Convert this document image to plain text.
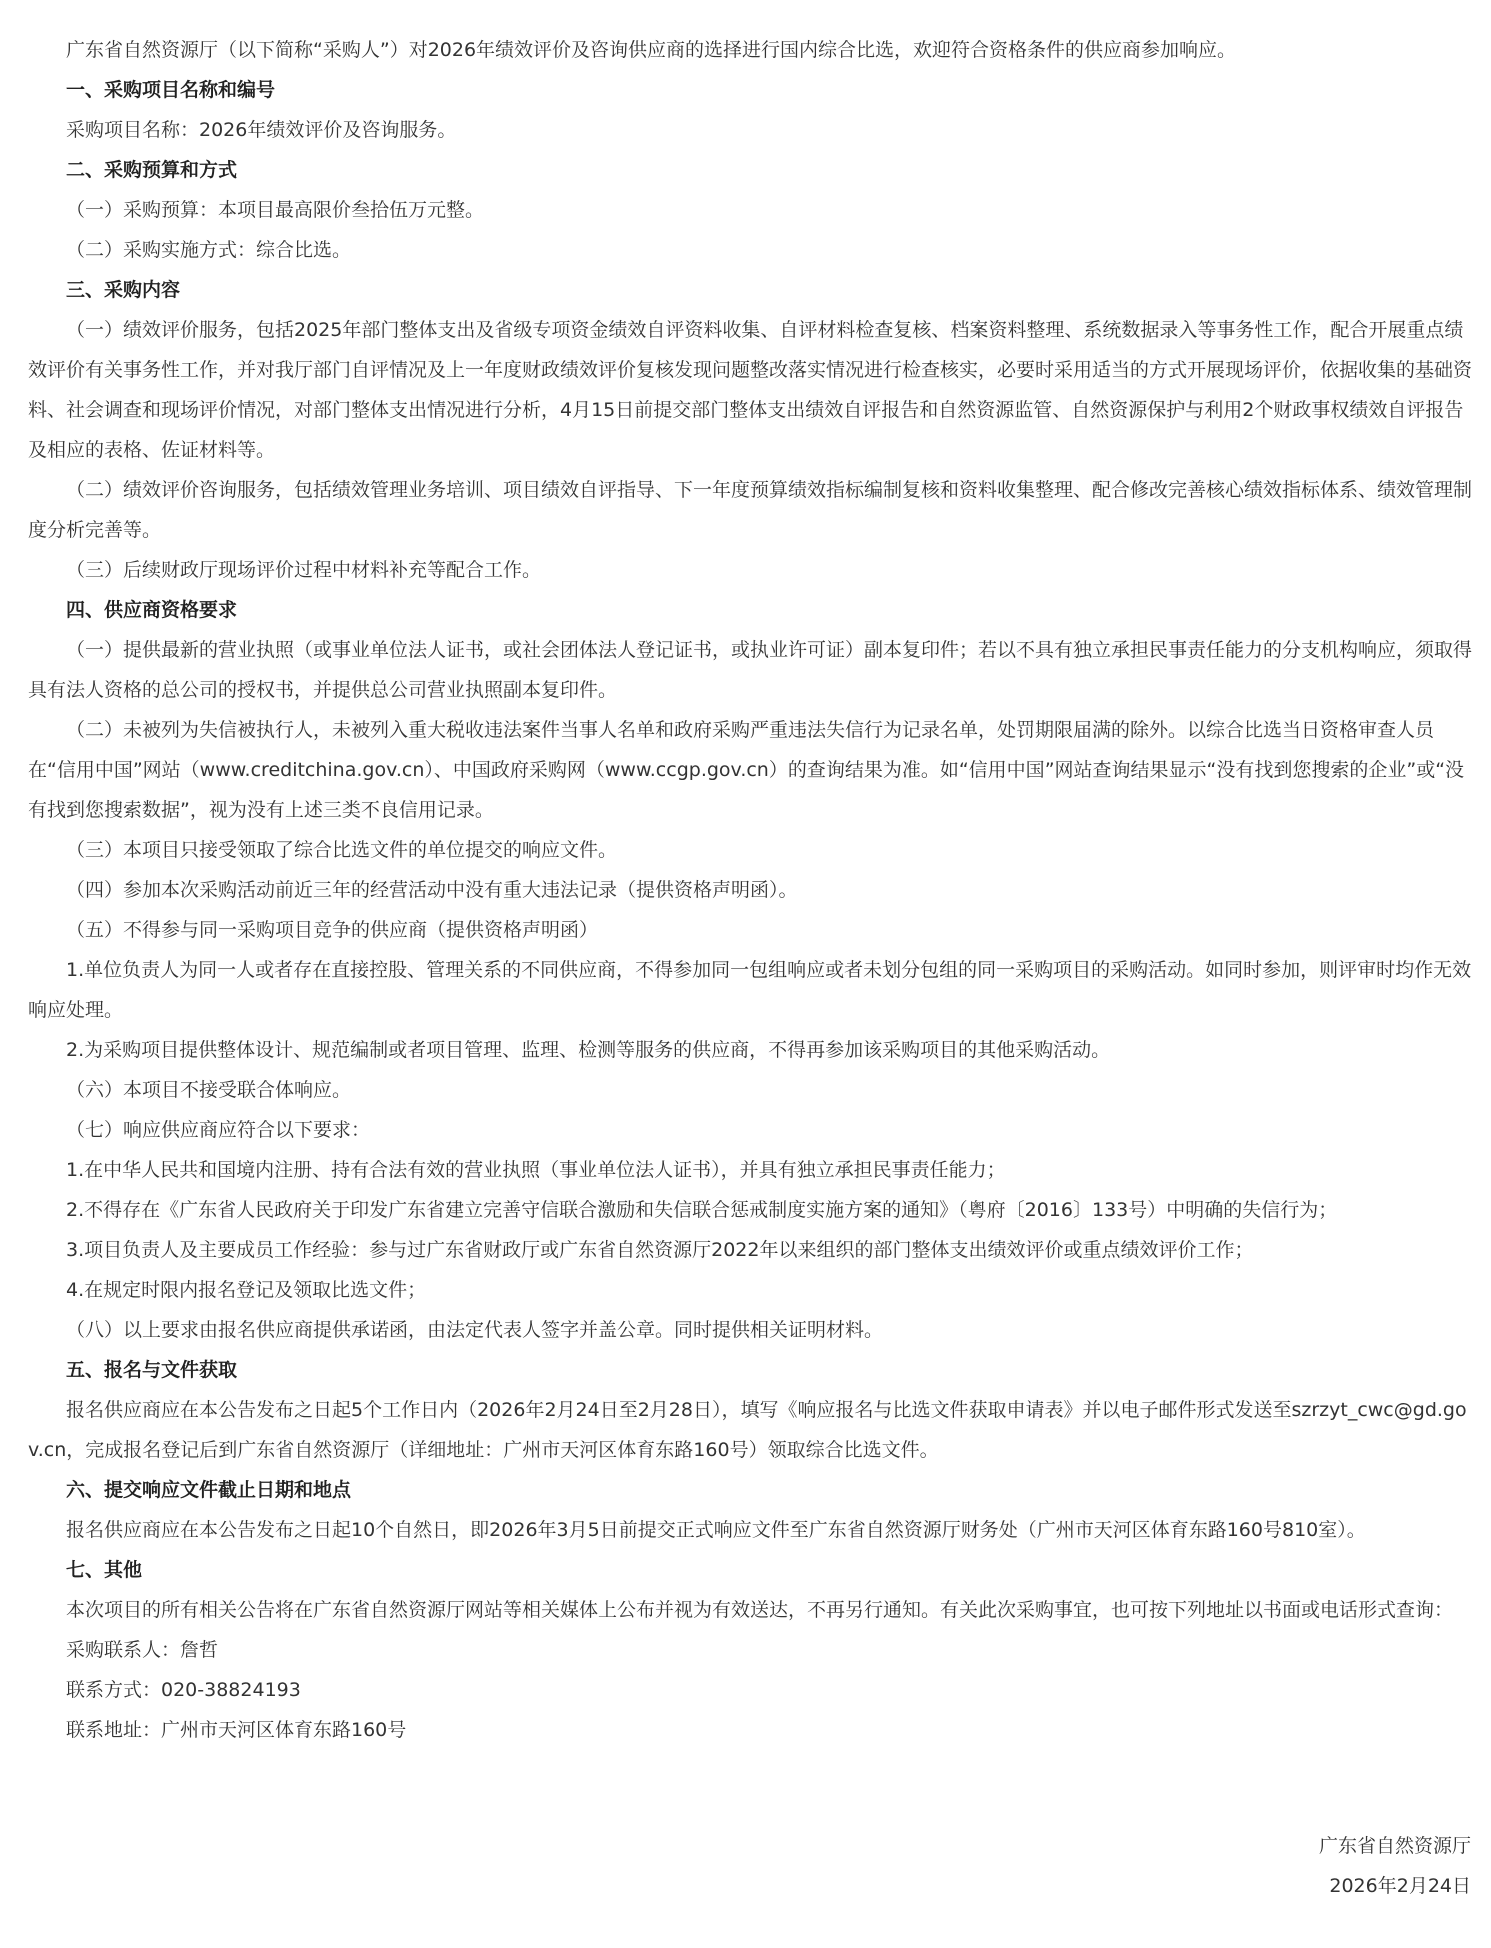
广东省自然资源厅（以下简称“采购人”）对2026年绩效评价及咨询供应商的选择进行国内综合比选，欢迎符合资格条件的供应商参加响应。

一、采购项目名称和编号

采购项目名称：2026年绩效评价及咨询服务。

二、采购预算和方式

（一）采购预算：本项目最高限价叁拾伍万元整。

（二）采购实施方式：综合比选。

三、采购内容

（一）绩效评价服务，包括2025年部门整体支出及省级专项资金绩效自评资料收集、自评材料检查复核、档案资料整理、系统数据录入等事务性工作，配合开展重点绩效评价有关事务性工作，并对我厅部门自评情况及上一年度财政绩效评价复核发现问题整改落实情况进行检查核实，必要时采用适当的方式开展现场评价，依据收集的基础资料、社会调查和现场评价情况，对部门整体支出情况进行分析，4月15日前提交部门整体支出绩效自评报告和自然资源监管、自然资源保护与利用2个财政事权绩效自评报告及相应的表格、佐证材料等。

（二）绩效评价咨询服务，包括绩效管理业务培训、项目绩效自评指导、下一年度预算绩效指标编制复核和资料收集整理、配合修改完善核心绩效指标体系、绩效管理制度分析完善等。

（三）后续财政厅现场评价过程中材料补充等配合工作。

四、供应商资格要求

（一）提供最新的营业执照（或事业单位法人证书，或社会团体法人登记证书，或执业许可证）副本复印件；若以不具有独立承担民事责任能力的分支机构响应，须取得具有法人资格的总公司的授权书，并提供总公司营业执照副本复印件。

（二）未被列为失信被执行人，未被列入重大税收违法案件当事人名单和政府采购严重违法失信行为记录名单，处罚期限届满的除外。以综合比选当日资格审查人员在“信用中国”网站（www.creditchina.gov.cn）、中国政府采购网（www.ccgp.gov.cn）的查询结果为准。如“信用中国”网站查询结果显示“没有找到您搜索的企业”或“没有找到您搜索数据”，视为没有上述三类不良信用记录。

（三）本项目只接受领取了综合比选文件的单位提交的响应文件。

（四）参加本次采购活动前近三年的经营活动中没有重大违法记录（提供资格声明函）。

（五）不得参与同一采购项目竞争的供应商（提供资格声明函）

1.单位负责人为同一人或者存在直接控股、管理关系的不同供应商，不得参加同一包组响应或者未划分包组的同一采购项目的采购活动。如同时参加，则评审时均作无效响应处理。

2.为采购项目提供整体设计、规范编制或者项目管理、监理、检测等服务的供应商，不得再参加该采购项目的其他采购活动。

（六）本项目不接受联合体响应。

（七）响应供应商应符合以下要求：

1.在中华人民共和国境内注册、持有合法有效的营业执照（事业单位法人证书），并具有独立承担民事责任能力；

2.不得存在《广东省人民政府关于印发广东省建立完善守信联合激励和失信联合惩戒制度实施方案的通知》（粤府〔2016〕133号）中明确的失信行为；

3.项目负责人及主要成员工作经验：参与过广东省财政厅或广东省自然资源厅2022年以来组织的部门整体支出绩效评价或重点绩效评价工作；

4.在规定时限内报名登记及领取比选文件；

（八）以上要求由报名供应商提供承诺函，由法定代表人签字并盖公章。同时提供相关证明材料。

五、报名与文件获取

报名供应商应在本公告发布之日起5个工作日内（2026年2月24日至2月28日），填写《响应报名与比选文件获取申请表》并以电子邮件形式发送至szrzyt_cwc@gd.gov.cn，完成报名登记后到广东省自然资源厅（详细地址：广州市天河区体育东路160号）领取综合比选文件。

六、提交响应文件截止日期和地点

报名供应商应在本公告发布之日起10个自然日，即2026年3月5日前提交正式响应文件至广东省自然资源厅财务处（广州市天河区体育东路160号810室）。

七、其他

本次项目的所有相关公告将在广东省自然资源厅网站等相关媒体上公布并视为有效送达，不再另行通知。有关此次采购事宜，也可按下列地址以书面或电话形式查询：

采购联系人：詹哲

联系方式：020-38824193

联系地址：广州市天河区体育东路160号

广东省自然资源厅

2026年2月24日
